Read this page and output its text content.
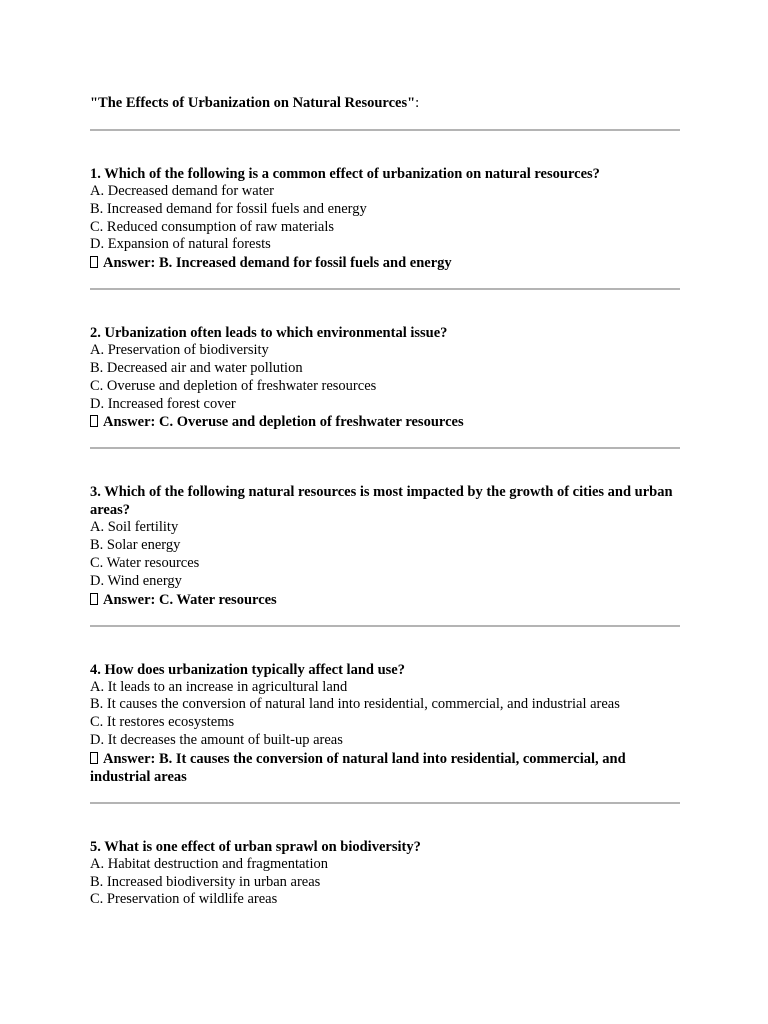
"The Effects of Urbanization on Natural Resources":

1. Which of the following is a common effect of urbanization on natural resources?
A. Decreased demand for water
B. Increased demand for fossil fuels and energy
C. Reduced consumption of raw materials
D. Expansion of natural forests
Answer: B. Increased demand for fossil fuels and energy
2. Urbanization often leads to which environmental issue?
A. Preservation of biodiversity
B. Decreased air and water pollution
C. Overuse and depletion of freshwater resources
D. Increased forest cover
Answer: C. Overuse and depletion of freshwater resources
3. Which of the following natural resources is most impacted by the growth of cities and urban areas?
A. Soil fertility
B. Solar energy
C. Water resources
D. Wind energy
Answer: C. Water resources
4. How does urbanization typically affect land use?
A. It leads to an increase in agricultural land
B. It causes the conversion of natural land into residential, commercial, and industrial areas
C. It restores ecosystems
D. It decreases the amount of built-up areas
Answer: B. It causes the conversion of natural land into residential, commercial, and industrial areas
5. What is one effect of urban sprawl on biodiversity?
A. Habitat destruction and fragmentation
B. Increased biodiversity in urban areas
C. Preservation of wildlife areas
